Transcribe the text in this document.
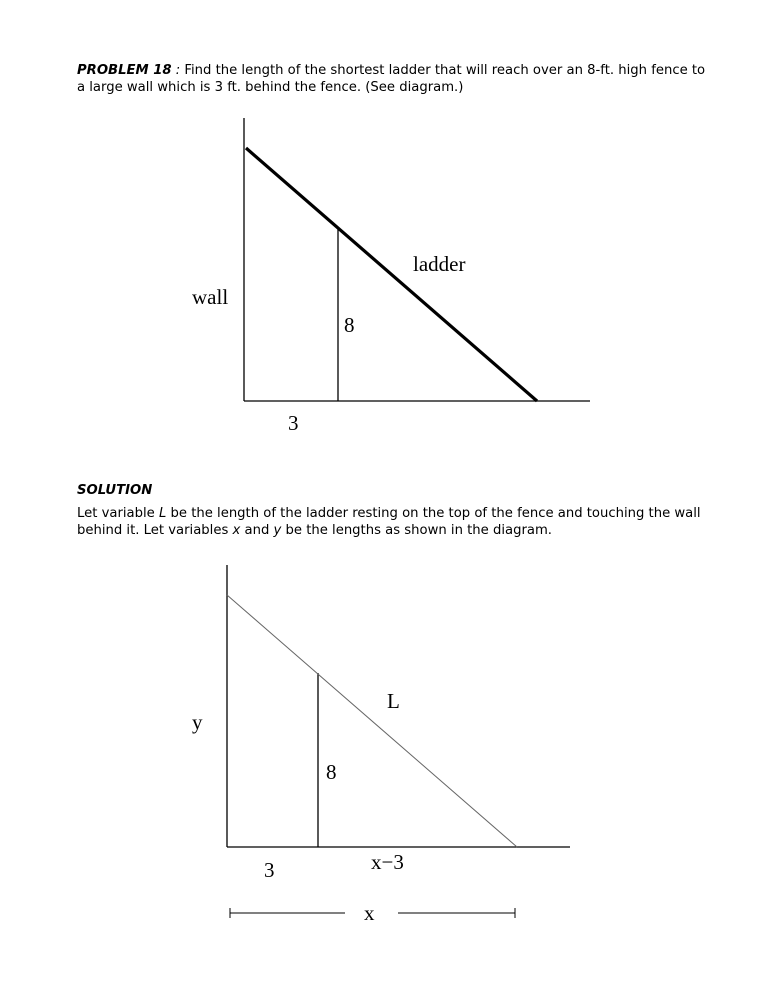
PROBLEM 18 : Find the length of the shortest ladder that will reach over an 8-ft. high fence to a large wall which is 3 ft. behind the fence. (See diagram.)
ladder
wall
8
3
L
y
8
3	x−3
x
SOLUTION
Let variable L be the length of the ladder resting on the top of the fence and touching the wall behind it. Let variables x and y be the lengths as shown in the diagram.
